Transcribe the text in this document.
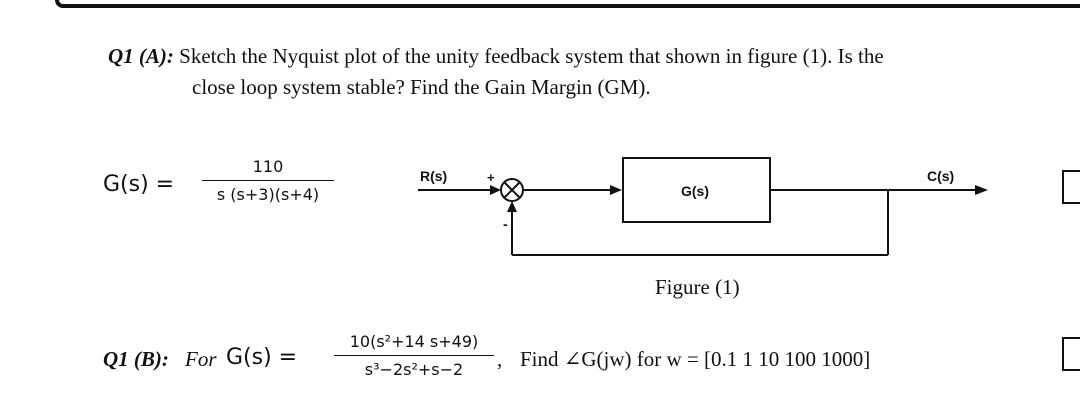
Q1 (A): Sketch the Nyquist plot of the unity feedback system that shown in figure (1). Is the
close loop system stable? Find the Gain Margin (GM).
G(s) =
110
s (s+3)(s+4)
R(s)	+
-
G(s)
C(s)
Figure (1)
Q1 (B): For G(s) =
10(s²+14 s+49)
s³−2s²+s−2	, Find ∠G(jw) for w = [0.1 1 10 100 1000]
